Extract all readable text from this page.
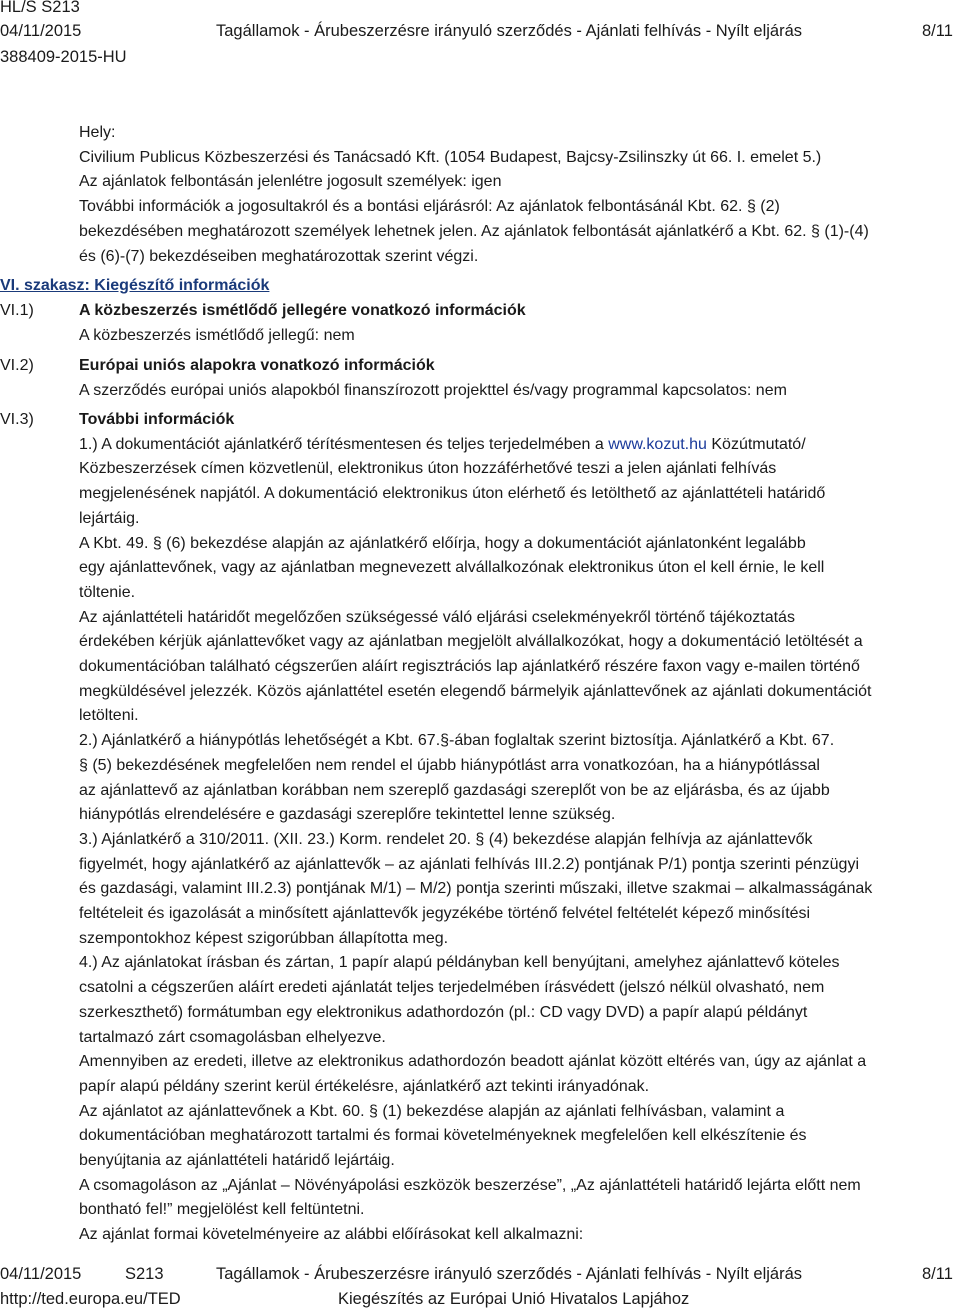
HL/S S213
04/11/2015	Tagállamok - Árubeszerzésre irányuló szerződés - Ajánlati felhívás - Nyílt eljárás	8/11
388409-2015-HU
Hely:
Civilium Publicus Közbeszerzési és Tanácsadó Kft. (1054 Budapest, Bajcsy-Zsilinszky út 66. I. emelet 5.)
Az ajánlatok felbontásán jelenlétre jogosult személyek: igen
További információk a jogosultakról és a bontási eljárásról: Az ajánlatok felbontásánál Kbt. 62. § (2)
bekezdésében meghatározott személyek lehetnek jelen. Az ajánlatok felbontását ajánlatkérő a Kbt. 62. § (1)-(4)
és (6)-(7) bekezdéseiben meghatározottak szerint végzi.
VI. szakasz: Kiegészítő információk
VI.1)	A közbeszerzés ismétlődő jellegére vonatkozó információk
A közbeszerzés ismétlődő jellegű: nem
VI.2)	Európai uniós alapokra vonatkozó információk
A szerződés európai uniós alapokból finanszírozott projekttel és/vagy programmal kapcsolatos: nem
VI.3)	További információk
1.) A dokumentációt ajánlatkérő térítésmentesen és teljes terjedelmében a www.kozut.hu Közútmutató/
Közbeszerzések címen közvetlenül, elektronikus úton hozzáférhetővé teszi a jelen ajánlati felhívás
megjelenésének napjától. A dokumentáció elektronikus úton elérhető és letölthető az ajánlattételi határidő
lejártáig.
A Kbt. 49. § (6) bekezdése alapján az ajánlatkérő előírja, hogy a dokumentációt ajánlatonként legalább
egy ajánlattevőnek, vagy az ajánlatban megnevezett alvállalkozónak elektronikus úton el kell érnie, le kell
töltenie.
Az ajánlattételi határidőt megelőzően szükségessé váló eljárási cselekményekről történő tájékoztatás
érdekében kérjük ajánlattevőket vagy az ajánlatban megjelölt alvállalkozókat, hogy a dokumentáció letöltését a
dokumentációban található cégszerűen aláírt regisztrációs lap ajánlatkérő részére faxon vagy e-mailen történő
megküldésével jelezzék. Közös ajánlattétel esetén elegendő bármelyik ajánlattevőnek az ajánlati dokumentációt
letölteni.
2.) Ajánlatkérő a hiánypótlás lehetőségét a Kbt. 67.§-ában foglaltak szerint biztosítja. Ajánlatkérő a Kbt. 67.
§ (5) bekezdésének megfelelően nem rendel el újabb hiánypótlást arra vonatkozóan, ha a hiánypótlással
az ajánlattevő az ajánlatban korábban nem szereplő gazdasági szereplőt von be az eljárásba, és az újabb
hiánypótlás elrendelésére e gazdasági szereplőre tekintettel lenne szükség.
3.) Ajánlatkérő a 310/2011. (XII. 23.) Korm. rendelet 20. § (4) bekezdése alapján felhívja az ajánlattevők
figyelmét, hogy ajánlatkérő az ajánlattevők – az ajánlati felhívás III.2.2) pontjának P/1) pontja szerinti pénzügyi
és gazdasági, valamint III.2.3) pontjának M/1) – M/2) pontja szerinti műszaki, illetve szakmai – alkalmasságának
feltételeit és igazolását a minősített ajánlattevők jegyzékébe történő felvétel feltételét képező minősítési
szempontokhoz képest szigorúbban állapította meg.
4.) Az ajánlatokat írásban és zártan, 1 papír alapú példányban kell benyújtani, amelyhez ajánlattevő köteles
csatolni a cégszerűen aláírt eredeti ajánlatát teljes terjedelmében írásvédett (jelszó nélkül olvasható, nem
szerkeszthető) formátumban egy elektronikus adathordozón (pl.: CD vagy DVD) a papír alapú példányt
tartalmazó zárt csomagolásban elhelyezve.
Amennyiben az eredeti, illetve az elektronikus adathordozón beadott ajánlat között eltérés van, úgy az ajánlat a
papír alapú példány szerint kerül értékelésre, ajánlatkérő azt tekinti irányadónak.
Az ajánlatot az ajánlattevőnek a Kbt. 60. § (1) bekezdése alapján az ajánlati felhívásban, valamint a
dokumentációban meghatározott tartalmi és formai követelményeknek megfelelően kell elkészítenie és
benyújtania az ajánlattételi határidő lejártáig.
A csomagoláson az „Ajánlat – Növényápolási eszközök beszerzése”, „Az ajánlattételi határidő lejárta előtt nem
bontható fel!” megjelölést kell feltüntetni.
Az ajánlat formai követelményeire az alábbi előírásokat kell alkalmazni:
04/11/2015	S213	Tagállamok - Árubeszerzésre irányuló szerződés - Ajánlati felhívás - Nyílt eljárás	8/11
http://ted.europa.eu/TED	Kiegészítés az Európai Unió Hivatalos Lapjához
